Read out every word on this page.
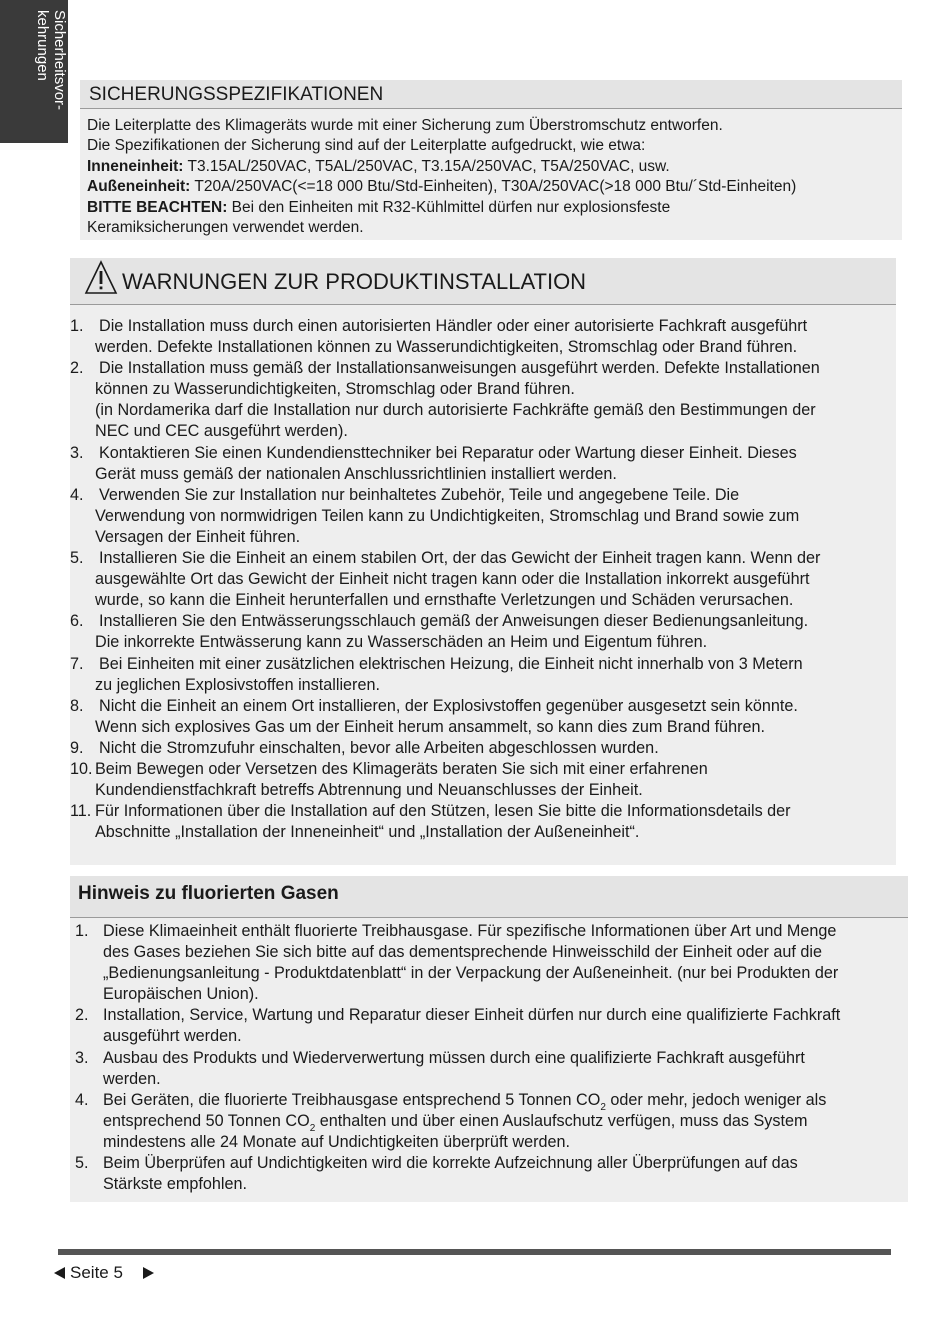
Sicherheitsvor-
kehrungen
SICHERUNGSSPEZIFIKATIONEN
Die Leiterplatte des Klimageräts wurde mit einer Sicherung zum Überstromschutz entworfen.
Die Spezifikationen der Sicherung sind auf der Leiterplatte aufgedruckt, wie etwa:
Inneneinheit: T3.15AL/250VAC, T5AL/250VAC, T3.15A/250VAC, T5A/250VAC, usw.
Außeneinheit: T20A/250VAC(<=18 000 Btu/Std-Einheiten), T30A/250VAC(>18 000 Btu/´Std-Einheiten)
BITTE BEACHTEN: Bei den Einheiten mit R32-Kühlmittel dürfen nur explosionsfeste
Keramiksicherungen verwendet werden.
WARNUNGEN ZUR PRODUKTINSTALLATION
1. Die Installation muss durch einen autorisierten Händler oder einer autorisierte Fachkraft ausgeführt
werden. Defekte Installationen können zu Wasserundichtigkeiten, Stromschlag oder Brand führen.
2. Die Installation muss gemäß der Installationsanweisungen ausgeführt werden. Defekte Installationen
können zu Wasserundichtigkeiten, Stromschlag oder Brand führen.
(in Nordamerika darf die Installation nur durch autorisierte Fachkräfte gemäß den Bestimmungen der
NEC und CEC ausgeführt werden).
3. Kontaktieren Sie einen Kundendiensttechniker bei Reparatur oder Wartung dieser Einheit. Dieses
Gerät muss gemäß der nationalen Anschlussrichtlinien installiert werden.
4. Verwenden Sie zur Installation nur beinhaltetes Zubehör, Teile und angegebene Teile. Die
Verwendung von normwidrigen Teilen kann zu Undichtigkeiten, Stromschlag und Brand sowie zum
Versagen der Einheit führen.
5. Installieren Sie die Einheit an einem stabilen Ort, der das Gewicht der Einheit tragen kann. Wenn der
ausgewählte Ort das Gewicht der Einheit nicht tragen kann oder die Installation inkorrekt ausgeführt
wurde, so kann die Einheit herunterfallen und ernsthafte Verletzungen und Schäden verursachen.
6. Installieren Sie den Entwässerungsschlauch gemäß der Anweisungen dieser Bedienungsanleitung.
Die inkorrekte Entwässerung kann zu Wasserschäden an Heim und Eigentum führen.
7. Bei Einheiten mit einer zusätzlichen elektrischen Heizung, die Einheit nicht innerhalb von 3 Metern
zu jeglichen Explosivstoffen installieren.
8. Nicht die Einheit an einem Ort installieren, der Explosivstoffen gegenüber ausgesetzt sein könnte.
Wenn sich explosives Gas um der Einheit herum ansammelt, so kann dies zum Brand führen.
9. Nicht die Stromzufuhr einschalten, bevor alle Arbeiten abgeschlossen wurden.
10. Beim Bewegen oder Versetzen des Klimageräts beraten Sie sich mit einer erfahrenen
Kundendienstfachkraft betreffs Abtrennung und Neuanschlusses der Einheit.
11. Für Informationen über die Installation auf den Stützen, lesen Sie bitte die Informationsdetails der
Abschnitte „Installation der Inneneinheit“ und „Installation der Außeneinheit“.
Hinweis zu fluorierten Gasen
1. Diese Klimaeinheit enthält fluorierte Treibhausgase. Für spezifische Informationen über Art und Menge
des Gases beziehen Sie sich bitte auf das dementsprechende Hinweisschild der Einheit oder auf die
„Bedienungsanleitung - Produktdatenblatt“ in der Verpackung der Außeneinheit. (nur bei Produkten der
Europäischen Union).
2. Installation, Service, Wartung und Reparatur dieser Einheit dürfen nur durch eine qualifizierte Fachkraft
ausgeführt werden.
3. Ausbau des Produkts und Wiederverwertung müssen durch eine qualifizierte Fachkraft ausgeführt
werden.
4. Bei Geräten, die fluorierte Treibhausgase entsprechend 5 Tonnen $CO_2$ oder mehr, jedoch weniger als
entsprechend 50 Tonnen $CO_2$ enthalten und über einen Auslaufschutz verfügen, muss das System
mindestens alle 24 Monate auf Undichtigkeiten überprüft werden.
5. Beim Überprüfen auf Undichtigkeiten wird die korrekte Aufzeichnung aller Überprüfungen auf das
Stärkste empfohlen.
Seite 5
